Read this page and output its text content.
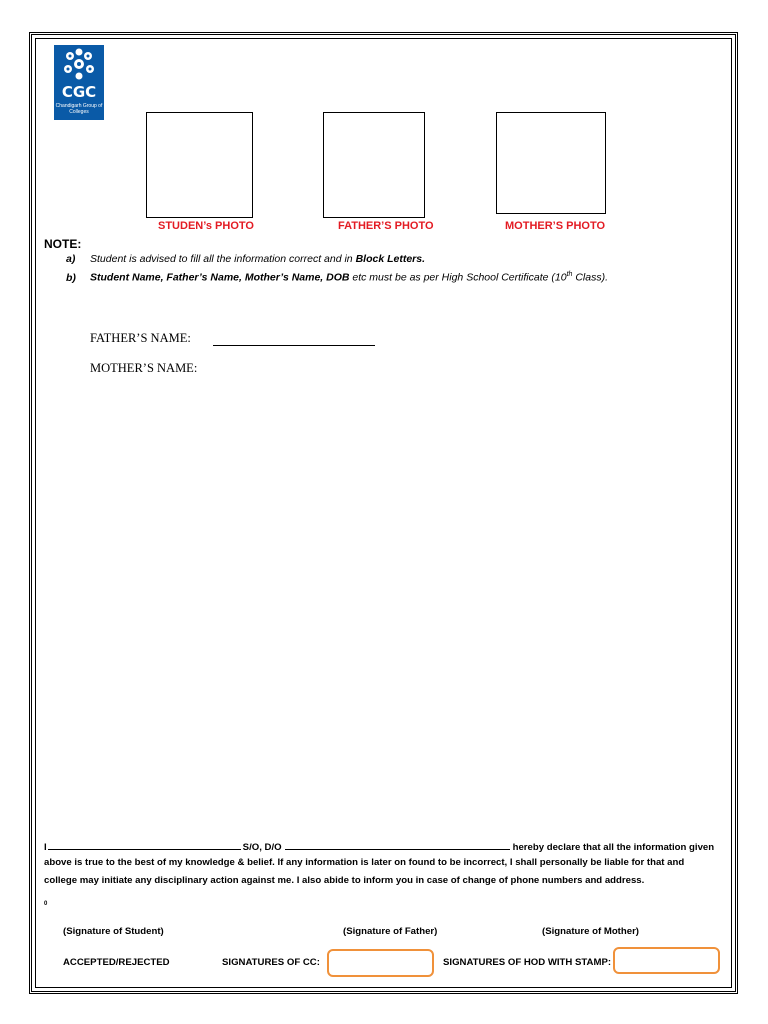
CGC
Chandigarh Group of Colleges
STUDEN’s PHOTO	FATHER’S PHOTO	MOTHER’S PHOTO
NOTE:
a) Student is advised to fill all the information correct and in Block Letters.
b) Student Name, Father’s Name, Mother’s Name, DOB etc must be as per High School Certificate (10th Class).
FATHER’S NAME:
MOTHER’S NAME:
I	S/O, D/O	hereby declare that all the information given
above is true to the best of my knowledge & belief. If any information is later on found to be incorrect, I shall personally be liable for that and
college may initiate any disciplinary action against me. I also abide to inform you in case of change of phone numbers and address.
0
(Signature of Student)	(Signature of Father)	(Signature of Mother)
ACCEPTED/REJECTED	SIGNATURES OF CC:	SIGNATURES OF HOD WITH STAMP:
